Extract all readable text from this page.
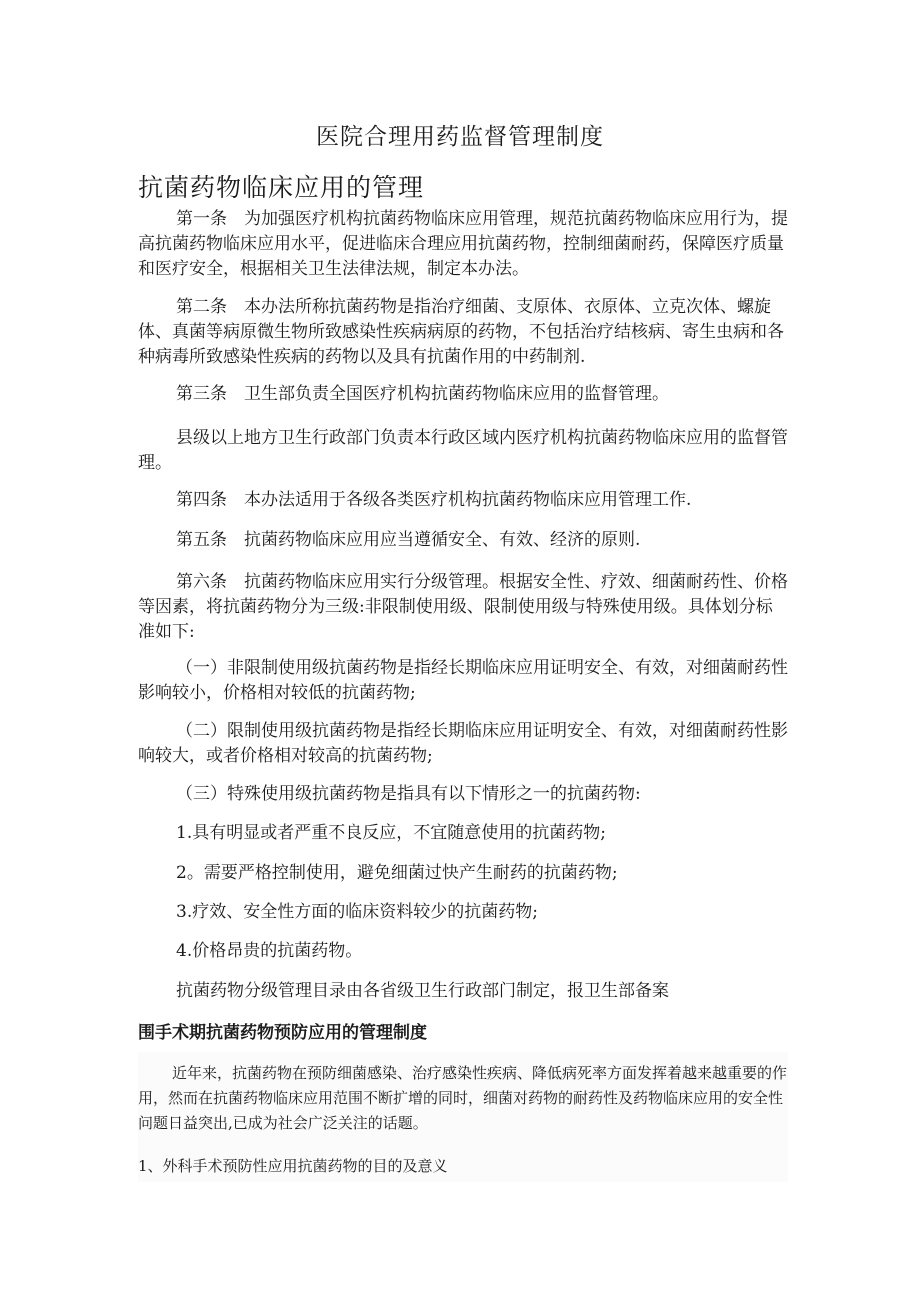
医院合理用药监督管理制度
抗菌药物临床应用的管理

第一条　为加强医疗机构抗菌药物临床应用管理，规范抗菌药物临床应用行为，提高抗菌药物临床应用水平，促进临床合理应用抗菌药物，控制细菌耐药，保障医疗质量和医疗安全，根据相关卫生法律法规，制定本办法。

第二条　本办法所称抗菌药物是指治疗细菌、支原体、衣原体、立克次体、螺旋体、真菌等病原微生物所致感染性疾病病原的药物，不包括治疗结核病、寄生虫病和各种病毒所致感染性疾病的药物以及具有抗菌作用的中药制剂.

第三条　卫生部负责全国医疗机构抗菌药物临床应用的监督管理。

县级以上地方卫生行政部门负责本行政区域内医疗机构抗菌药物临床应用的监督管理。

第四条　本办法适用于各级各类医疗机构抗菌药物临床应用管理工作.

第五条　抗菌药物临床应用应当遵循安全、有效、经济的原则.

第六条　抗菌药物临床应用实行分级管理。根据安全性、疗效、细菌耐药性、价格等因素，将抗菌药物分为三级:非限制使用级、限制使用级与特殊使用级。具体划分标准如下:

（一）非限制使用级抗菌药物是指经长期临床应用证明安全、有效，对细菌耐药性影响较小，价格相对较低的抗菌药物;

（二）限制使用级抗菌药物是指经长期临床应用证明安全、有效，对细菌耐药性影响较大，或者价格相对较高的抗菌药物;

（三）特殊使用级抗菌药物是指具有以下情形之一的抗菌药物:

1.具有明显或者严重不良反应，不宜随意使用的抗菌药物;

2。需要严格控制使用，避免细菌过快产生耐药的抗菌药物;

3.疗效、安全性方面的临床资料较少的抗菌药物;

4.价格昂贵的抗菌药物。

抗菌药物分级管理目录由各省级卫生行政部门制定，报卫生部备案

围手术期抗菌药物预防应用的管理制度

近年来，抗菌药物在预防细菌感染、治疗感染性疾病、降低病死率方面发挥着越来越重要的作用，然而在抗菌药物临床应用范围不断扩增的同时，细菌对药物的耐药性及药物临床应用的安全性问题日益突出,已成为社会广泛关注的话题。

1、外科手术预防性应用抗菌药物的目的及意义
